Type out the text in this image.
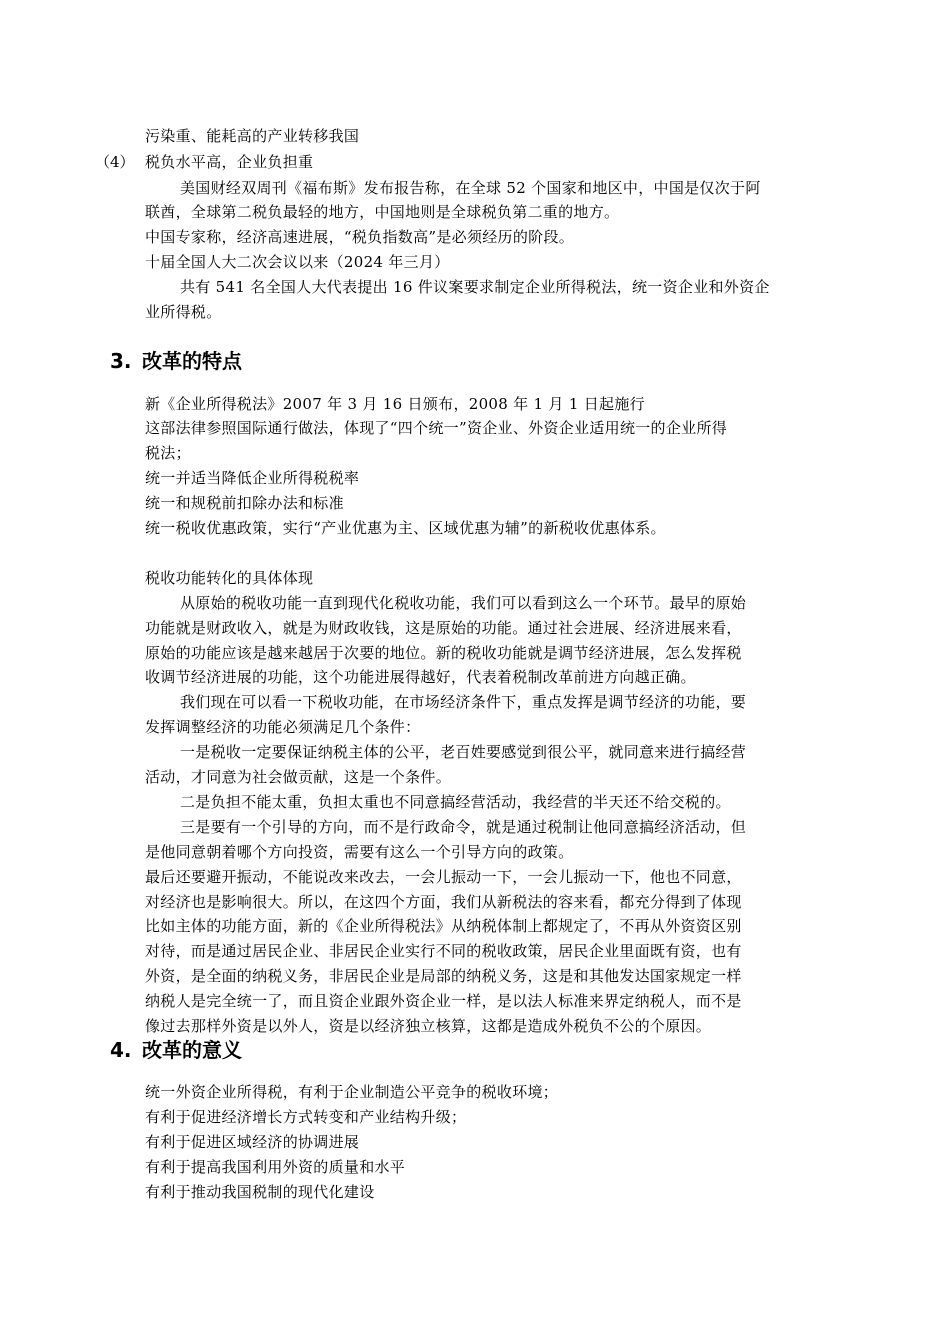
污染重、能耗高的产业转移我国
（4） 税负水平高，企业负担重
美国财经双周刊《福布斯》发布报告称，在全球 52 个国家和地区中，中国是仅次于阿
联酋，全球第二税负最轻的地方，中国地则是全球税负第二重的地方。
中国专家称，经济高速进展，“税负指数高”是必须经历的阶段。
十届全国人大二次会议以来（2024 年三月）
共有 541 名全国人大代表提出 16 件议案要求制定企业所得税法，统一资企业和外资企
业所得税。
3. 改革的特点
新《企业所得税法》2007 年 3 月 16 日颁布，2008 年 1 月 1 日起施行
这部法律参照国际通行做法，体现了“四个统一”资企业、外资企业适用统一的企业所得
税法；
统一并适当降低企业所得税税率
统一和规税前扣除办法和标准
统一税收优惠政策，实行“产业优惠为主、区域优惠为辅”的新税收优惠体系。
税收功能转化的具体体现
从原始的税收功能一直到现代化税收功能，我们可以看到这么一个环节。最早的原始
功能就是财政收入，就是为财政收钱，这是原始的功能。通过社会进展、经济进展来看，
原始的功能应该是越来越居于次要的地位。新的税收功能就是调节经济进展，怎么发挥税
收调节经济进展的功能，这个功能进展得越好，代表着税制改革前进方向越正确。
我们现在可以看一下税收功能，在市场经济条件下，重点发挥是调节经济的功能，要
发挥调整经济的功能必须满足几个条件：
一是税收一定要保证纳税主体的公平，老百姓要感觉到很公平，就同意来进行搞经营
活动，才同意为社会做贡献，这是一个条件。
二是负担不能太重，负担太重也不同意搞经营活动，我经营的半天还不给交税的。
三是要有一个引导的方向，而不是行政命令，就是通过税制让他同意搞经济活动，但
是他同意朝着哪个方向投资，需要有这么一个引导方向的政策。
最后还要避开振动，不能说改来改去，一会儿振动一下，一会儿振动一下，他也不同意，
对经济也是影响很大。所以，在这四个方面，我们从新税法的容来看，都充分得到了体现
比如主体的功能方面，新的《企业所得税法》从纳税体制上都规定了，不再从外资资区别
对待，而是通过居民企业、非居民企业实行不同的税收政策，居民企业里面既有资，也有
外资，是全面的纳税义务，非居民企业是局部的纳税义务，这是和其他发达国家规定一样
纳税人是完全统一了，而且资企业跟外资企业一样，是以法人标准来界定纳税人，而不是
像过去那样外资是以外人，资是以经济独立核算，这都是造成外税负不公的个原因。
4. 改革的意义
统一外资企业所得税，有利于企业制造公平竞争的税收环境；
有利于促进经济增长方式转变和产业结构升级；
有利于促进区域经济的协调进展
有利于提高我国利用外资的质量和水平
有利于推动我国税制的现代化建设
